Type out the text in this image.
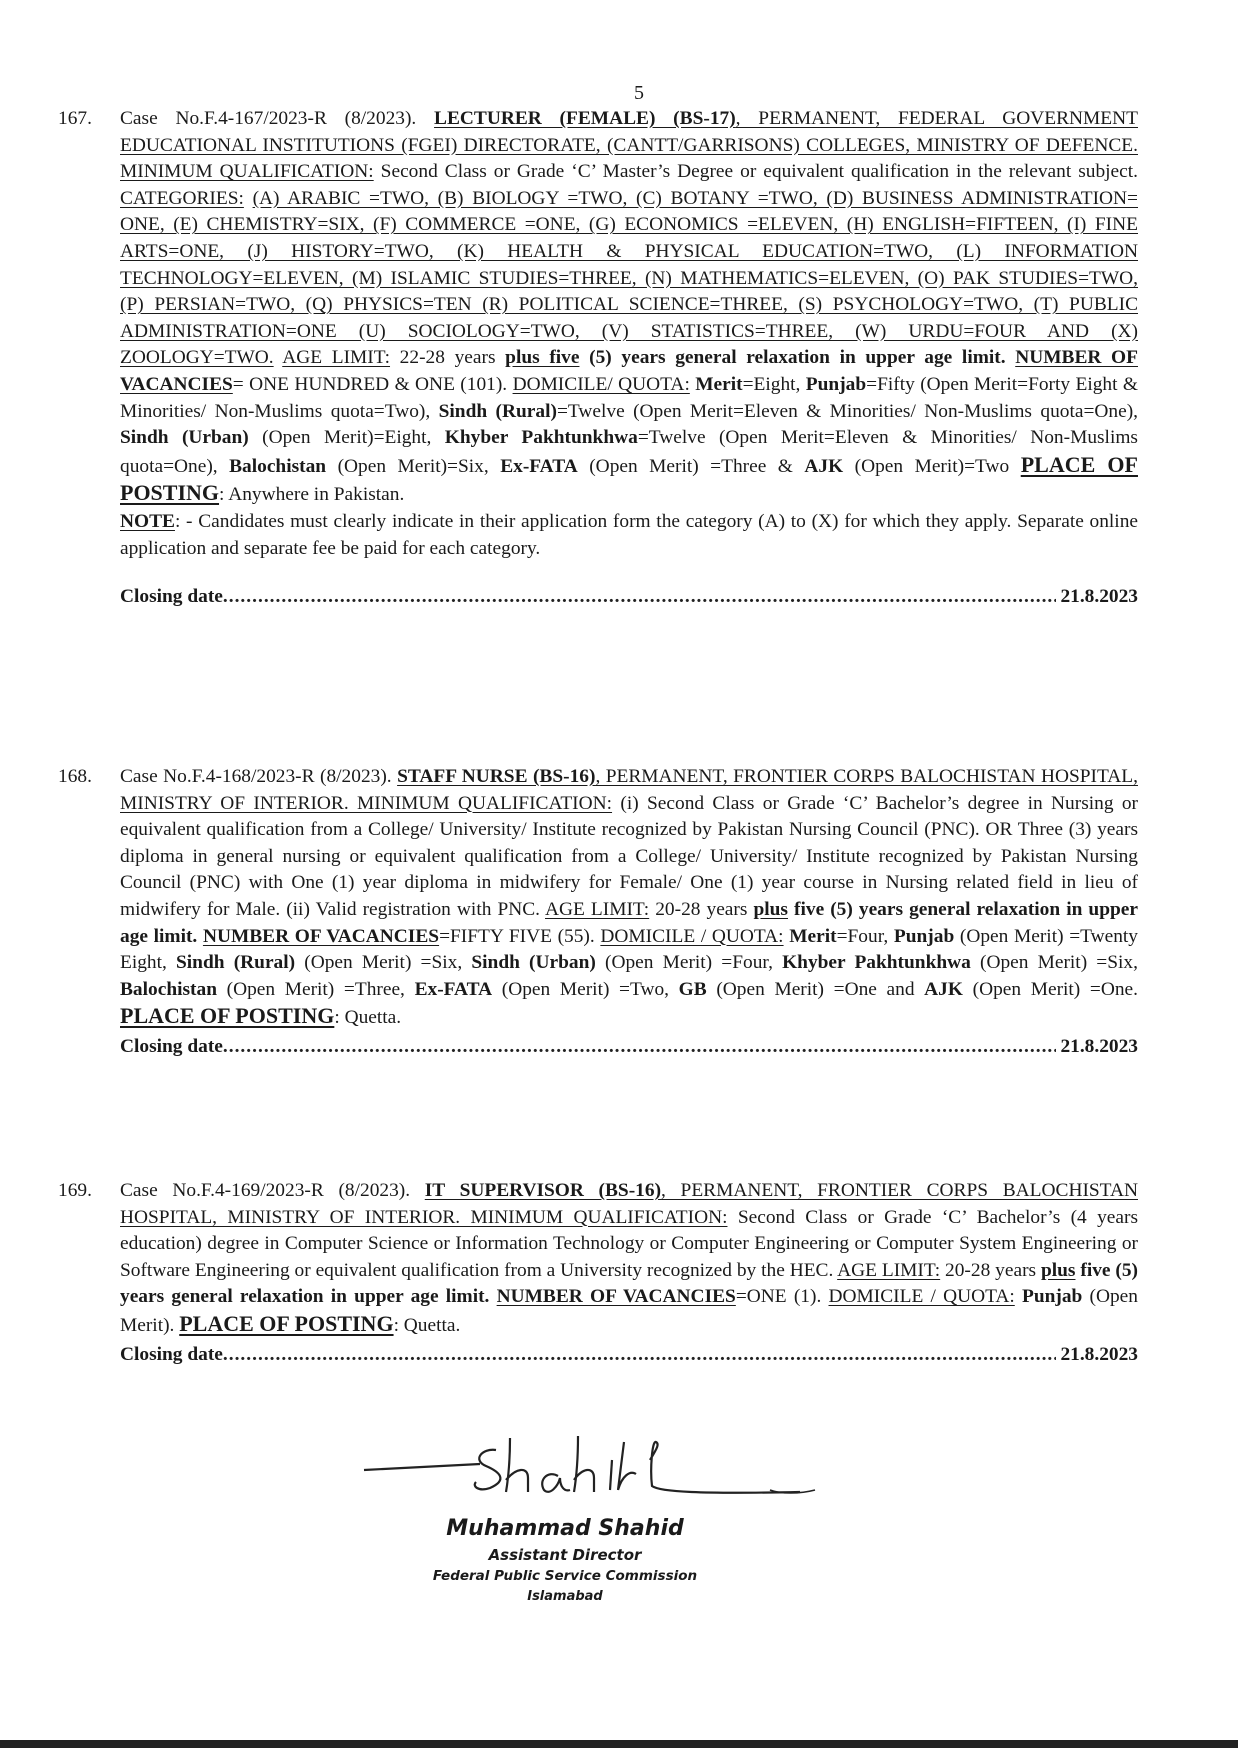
5
167. Case No.F.4-167/2023-R (8/2023). LECTURER (FEMALE) (BS-17), PERMANENT, FEDERAL GOVERNMENT EDUCATIONAL INSTITUTIONS (FGEI) DIRECTORATE, (CANTT/GARRISONS) COLLEGES, MINISTRY OF DEFENCE. MINIMUM QUALIFICATION: Second Class or Grade ‘C’ Master’s Degree or equivalent qualification in the relevant subject. CATEGORIES: (A) ARABIC =TWO, (B) BIOLOGY =TWO, (C) BOTANY =TWO, (D) BUSINESS ADMINISTRATION= ONE, (E) CHEMISTRY=SIX, (F) COMMERCE =ONE, (G) ECONOMICS =ELEVEN, (H) ENGLISH=FIFTEEN, (I) FINE ARTS=ONE, (J) HISTORY=TWO, (K) HEALTH & PHYSICAL EDUCATION=TWO, (L) INFORMATION TECHNOLOGY=ELEVEN, (M) ISLAMIC STUDIES=THREE, (N) MATHEMATICS=ELEVEN, (O) PAK STUDIES=TWO, (P) PERSIAN=TWO, (Q) PHYSICS=TEN (R) POLITICAL SCIENCE=THREE, (S) PSYCHOLOGY=TWO, (T) PUBLIC ADMINISTRATION=ONE (U) SOCIOLOGY=TWO, (V) STATISTICS=THREE, (W) URDU=FOUR AND (X) ZOOLOGY=TWO. AGE LIMIT: 22-28 years plus five (5) years general relaxation in upper age limit. NUMBER OF VACANCIES= ONE HUNDRED & ONE (101). DOMICILE/ QUOTA: Merit=Eight, Punjab=Fifty (Open Merit=Forty Eight & Minorities/ Non-Muslims quota=Two), Sindh (Rural)=Twelve (Open Merit=Eleven & Minorities/ Non-Muslims quota=One), Sindh (Urban) (Open Merit)=Eight, Khyber Pakhtunkhwa=Twelve (Open Merit=Eleven & Minorities/ Non-Muslims quota=One), Balochistan (Open Merit)=Six, Ex-FATA (Open Merit) =Three & AJK (Open Merit)=Two PLACE OF POSTING: Anywhere in Pakistan.
NOTE: - Candidates must clearly indicate in their application form the category (A) to (X) for which they apply. Separate online application and separate fee be paid for each category.
Closing date .....	21.8.2023
168. Case No.F.4-168/2023-R (8/2023). STAFF NURSE (BS-16), PERMANENT, FRONTIER CORPS BALOCHISTAN HOSPITAL, MINISTRY OF INTERIOR. MINIMUM QUALIFICATION: (i) Second Class or Grade ‘C’ Bachelor’s degree in Nursing or equivalent qualification from a College/ University/ Institute recognized by Pakistan Nursing Council (PNC). OR Three (3) years diploma in general nursing or equivalent qualification from a College/ University/ Institute recognized by Pakistan Nursing Council (PNC) with One (1) year diploma in midwifery for Female/ One (1) year course in Nursing related field in lieu of midwifery for Male. (ii) Valid registration with PNC. AGE LIMIT: 20-28 years plus five (5) years general relaxation in upper age limit. NUMBER OF VACANCIES=FIFTY FIVE (55). DOMICILE / QUOTA: Merit=Four, Punjab (Open Merit) =Twenty Eight, Sindh (Rural) (Open Merit) =Six, Sindh (Urban) (Open Merit) =Four, Khyber Pakhtunkhwa (Open Merit) =Six, Balochistan (Open Merit) =Three, Ex-FATA (Open Merit) =Two, GB (Open Merit) =One and AJK (Open Merit) =One. PLACE OF POSTING: Quetta.
Closing date .....	21.8.2023
169. Case No.F.4-169/2023-R (8/2023). IT SUPERVISOR (BS-16), PERMANENT, FRONTIER CORPS BALOCHISTAN HOSPITAL, MINISTRY OF INTERIOR. MINIMUM QUALIFICATION: Second Class or Grade ‘C’ Bachelor’s (4 years education) degree in Computer Science or Information Technology or Computer Engineering or Computer System Engineering or Software Engineering or equivalent qualification from a University recognized by the HEC. AGE LIMIT: 20-28 years plus five (5) years general relaxation in upper age limit. NUMBER OF VACANCIES=ONE (1). DOMICILE / QUOTA: Punjab (Open Merit). PLACE OF POSTING: Quetta.
Closing date .....	21.8.2023
Muhammad Shahid
Assistant Director
Federal Public Service Commission
Islamabad
